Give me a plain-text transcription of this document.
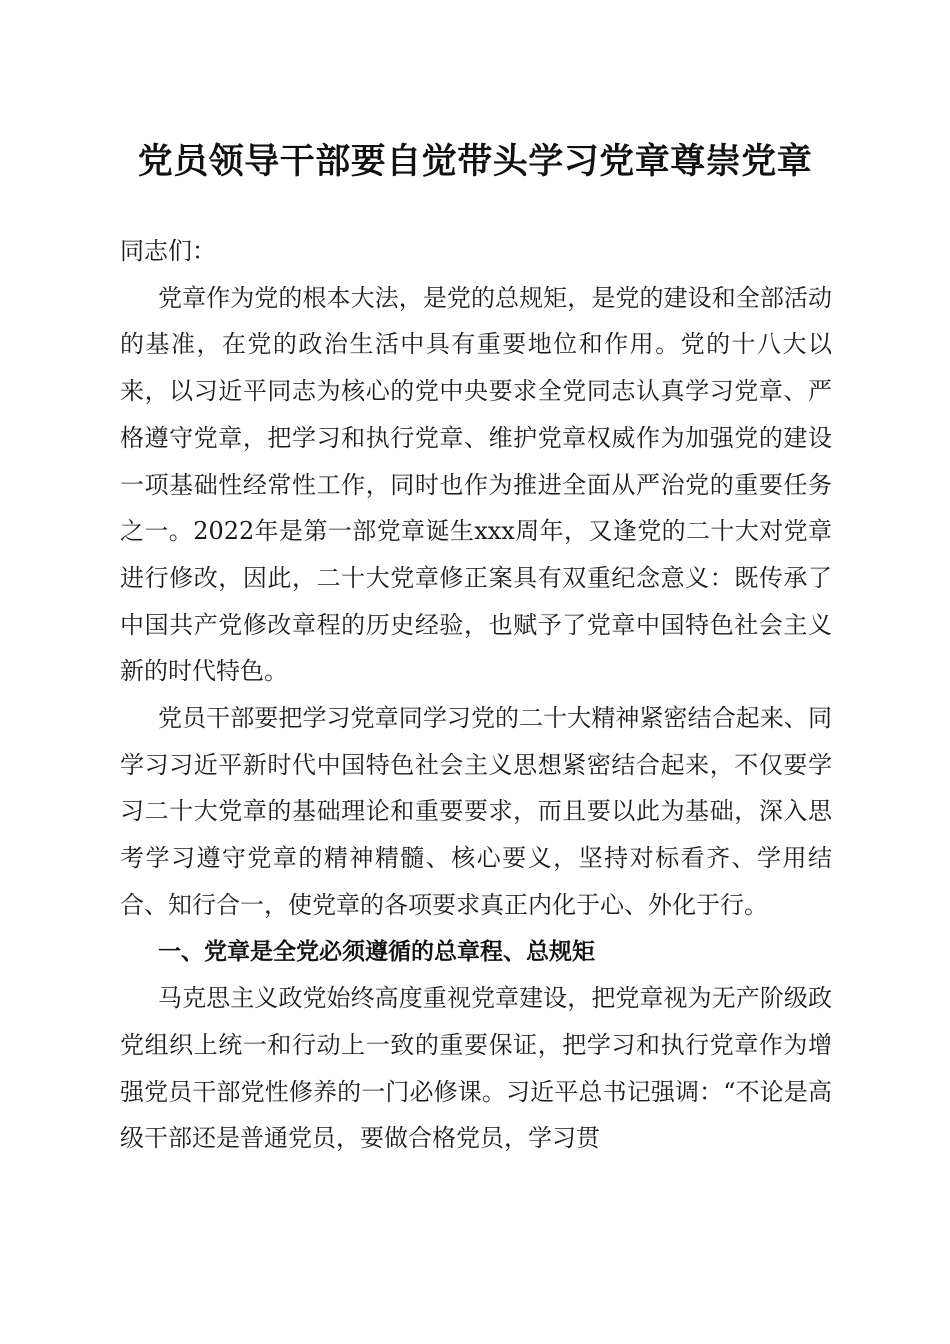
党员领导干部要自觉带头学习党章尊崇党章

同志们：

党章作为党的根本大法，是党的总规矩，是党的建设和全部活动的基准，在党的政治生活中具有重要地位和作用。党的十八大以来，以习近平同志为核心的党中央要求全党同志认真学习党章、严格遵守党章，把学习和执行党章、维护党章权威作为加强党的建设一项基础性经常性工作，同时也作为推进全面从严治党的重要任务之一。2022年是第一部党章诞生xxx周年，又逢党的二十大对党章进行修改，因此，二十大党章修正案具有双重纪念意义：既传承了中国共产党修改章程的历史经验，也赋予了党章中国特色社会主义新的时代特色。

党员干部要把学习党章同学习党的二十大精神紧密结合起来、同学习习近平新时代中国特色社会主义思想紧密结合起来，不仅要学习二十大党章的基础理论和重要要求，而且要以此为基础，深入思考学习遵守党章的精神精髓、核心要义，坚持对标看齐、学用结合、知行合一，使党章的各项要求真正内化于心、外化于行。

一、党章是全党必须遵循的总章程、总规矩

马克思主义政党始终高度重视党章建设，把党章视为无产阶级政党组织上统一和行动上一致的重要保证，把学习和执行党章作为增强党员干部党性修养的一门必修课。习近平总书记强调：“不论是高级干部还是普通党员，要做合格党员，学习贯
